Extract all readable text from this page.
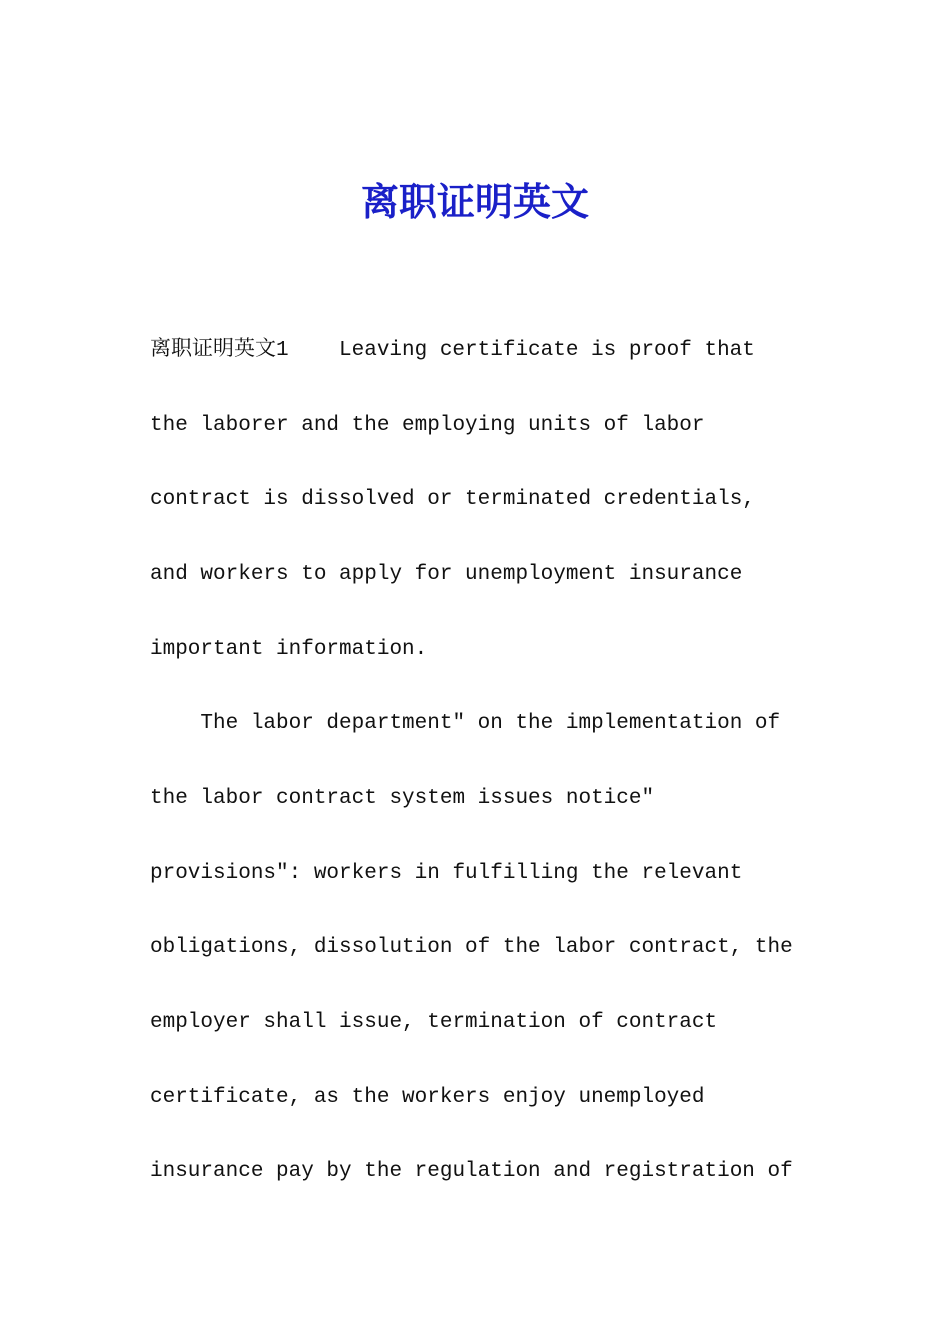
离职证明英文
离职证明英文1    Leaving certificate is proof that
the laborer and the employing units of labor
contract is dissolved or terminated credentials,
and workers to apply for unemployment insurance
important information.
The labor department″ on the implementation of
the labor contract system issues notice″
provisions″: workers in fulfilling the relevant
obligations, dissolution of the labor contract, the
employer shall issue, termination of contract
certificate, as the workers enjoy unemployed
insurance pay by the regulation and registration of
